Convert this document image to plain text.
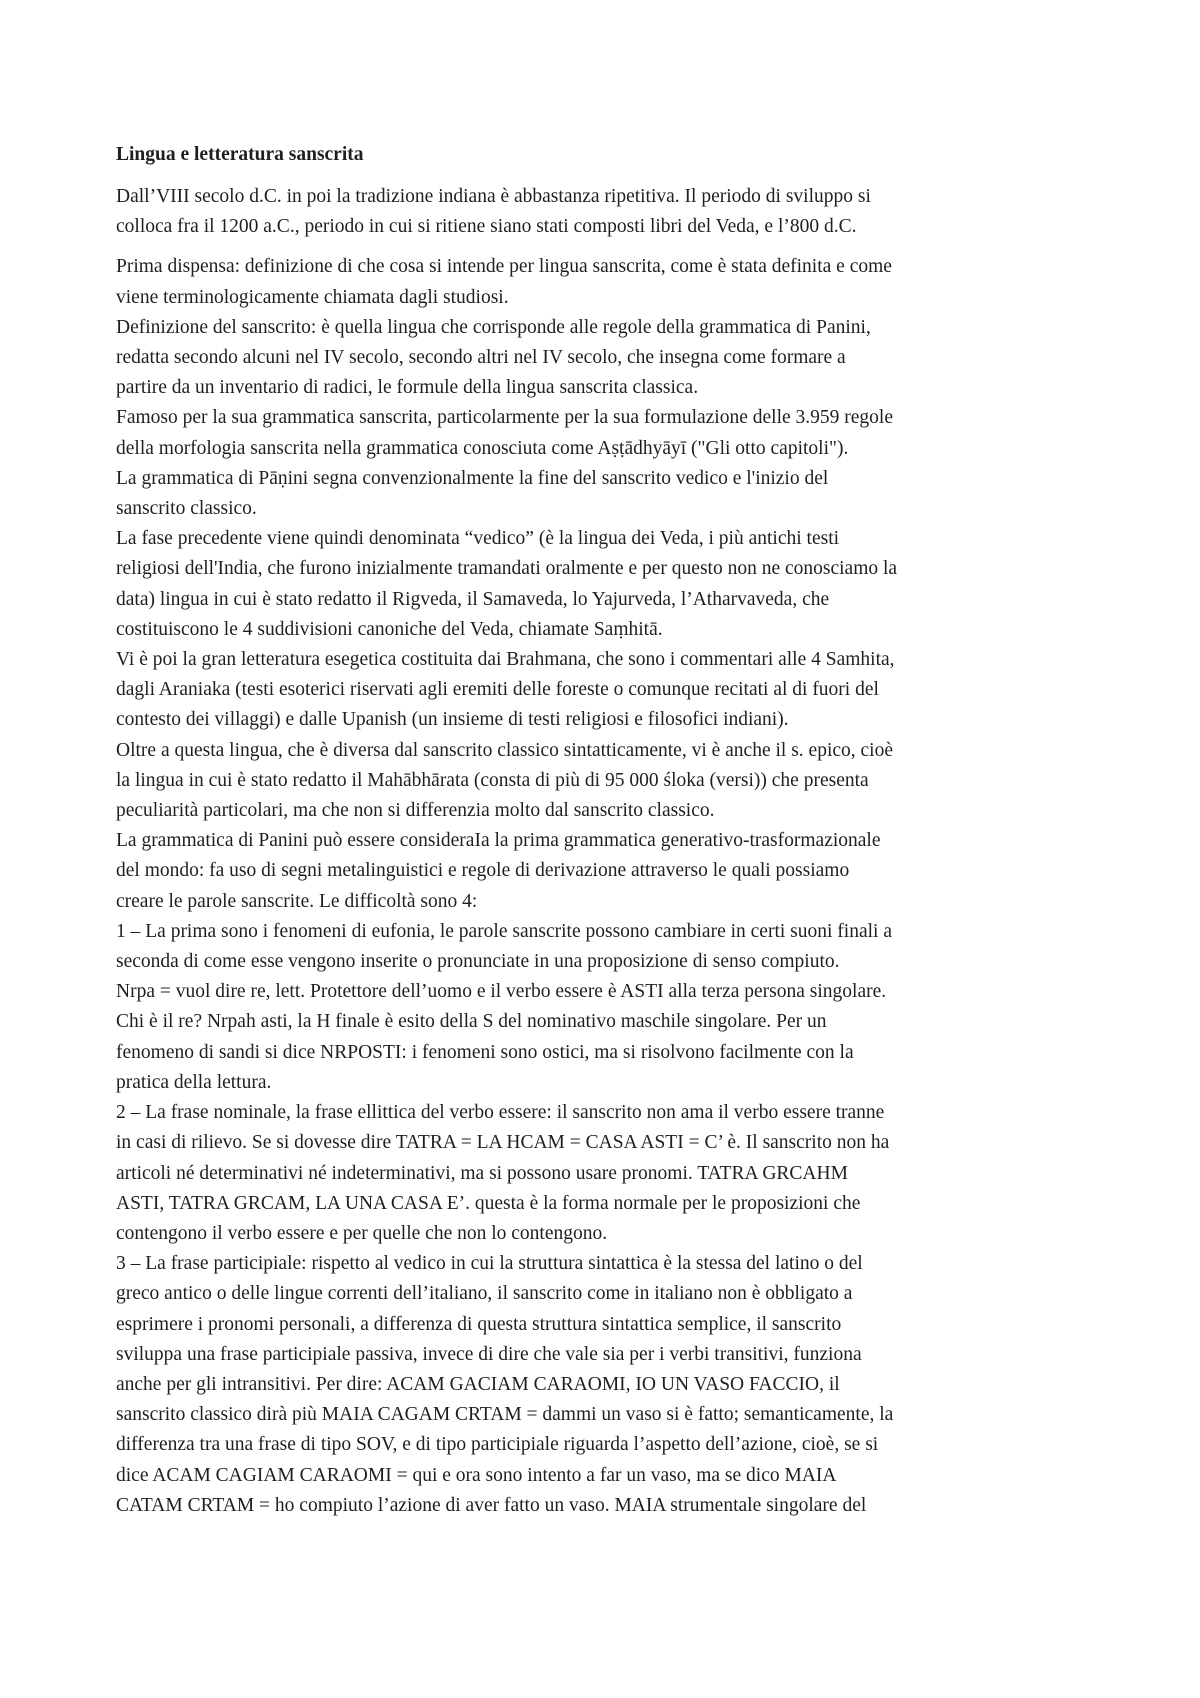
Lingua e letteratura sanscrita
Dall’VIII secolo d.C. in poi la tradizione indiana è abbastanza ripetitiva. Il periodo di sviluppo si
colloca fra il 1200 a.C., periodo in cui si ritiene siano stati composti libri del Veda, e l’800 d.C.
Prima dispensa: definizione di che cosa si intende per lingua sanscrita, come è stata definita e come
viene terminologicamente chiamata dagli studiosi.
Definizione del sanscrito: è quella lingua che corrisponde alle regole della grammatica di Panini,
redatta secondo alcuni nel IV secolo, secondo altri nel IV secolo, che insegna come formare a
partire da un inventario di radici, le formule della lingua sanscrita classica.
Famoso per la sua grammatica sanscrita, particolarmente per la sua formulazione delle 3.959 regole
della morfologia sanscrita nella grammatica conosciuta come Aṣṭādhyāyī ("Gli otto capitoli").
La grammatica di Pāṇini segna convenzionalmente la fine del sanscrito vedico e l'inizio del
sanscrito classico.
La fase precedente viene quindi denominata “vedico” (è la lingua dei Veda, i più antichi testi
religiosi dell'India, che furono inizialmente tramandati oralmente e per questo non ne conosciamo la
data) lingua in cui è stato redatto il Rigveda, il Samaveda, lo Yajurveda, l’Atharvaveda, che
costituiscono le 4 suddivisioni canoniche del Veda, chiamate Saṃhitā.
Vi è poi la gran letteratura esegetica costituita dai Brahmana, che sono i commentari alle 4 Samhita,
dagli Araniaka (testi esoterici riservati agli eremiti delle foreste o comunque recitati al di fuori del
contesto dei villaggi) e dalle Upanish (un insieme di testi religiosi e filosofici indiani).
Oltre a questa lingua, che è diversa dal sanscrito classico sintatticamente, vi è anche il s. epico, cioè
la lingua in cui è stato redatto il Mahābhārata (consta di più di 95 000 śloka (versi)) che presenta
peculiarità particolari, ma che non si differenzia molto dal sanscrito classico.
La grammatica di Panini può essere consideraIa la prima grammatica generativo-trasformazionale
del mondo: fa uso di segni metalinguistici e regole di derivazione attraverso le quali possiamo
creare le parole sanscrite. Le difficoltà sono 4:
1 – La prima sono i fenomeni di eufonia, le parole sanscrite possono cambiare in certi suoni finali a
seconda di come esse vengono inserite o pronunciate in una proposizione di senso compiuto.
Nrpa = vuol dire re, lett. Protettore dell’uomo e il verbo essere è ASTI alla terza persona singolare.
Chi è il re? Nrpah asti, la H finale è esito della S del nominativo maschile singolare. Per un
fenomeno di sandi si dice NRPOSTI: i fenomeni sono ostici, ma si risolvono facilmente con la
pratica della lettura.
2 – La frase nominale, la frase ellittica del verbo essere: il sanscrito non ama il verbo essere tranne
in casi di rilievo. Se si dovesse dire TATRA = LA HCAM = CASA ASTI = C’ è. Il sanscrito non ha
articoli né determinativi né indeterminativi, ma si possono usare pronomi. TATRA GRCAHM
ASTI, TATRA GRCAM, LA UNA CASA E’. questa è la forma normale per le proposizioni che
contengono il verbo essere e per quelle che non lo contengono.
3 – La frase participiale: rispetto al vedico in cui la struttura sintattica è la stessa del latino o del
greco antico o delle lingue correnti dell’italiano, il sanscrito come in italiano non è obbligato a
esprimere i pronomi personali, a differenza di questa struttura sintattica semplice, il sanscrito
sviluppa una frase participiale passiva, invece di dire che vale sia per i verbi transitivi, funziona
anche per gli intransitivi. Per dire: ACAM GACIAM CARAOMI, IO UN VASO FACCIO, il
sanscrito classico dirà più MAIA CAGAM CRTAM = dammi un vaso si è fatto; semanticamente, la
differenza tra una frase di tipo SOV, e di tipo participiale riguarda l’aspetto dell’azione, cioè, se si
dice ACAM CAGIAM CARAOMI = qui e ora sono intento a far un vaso, ma se dico MAIA
CATAM CRTAM = ho compiuto l’azione di aver fatto un vaso. MAIA strumentale singolare del
